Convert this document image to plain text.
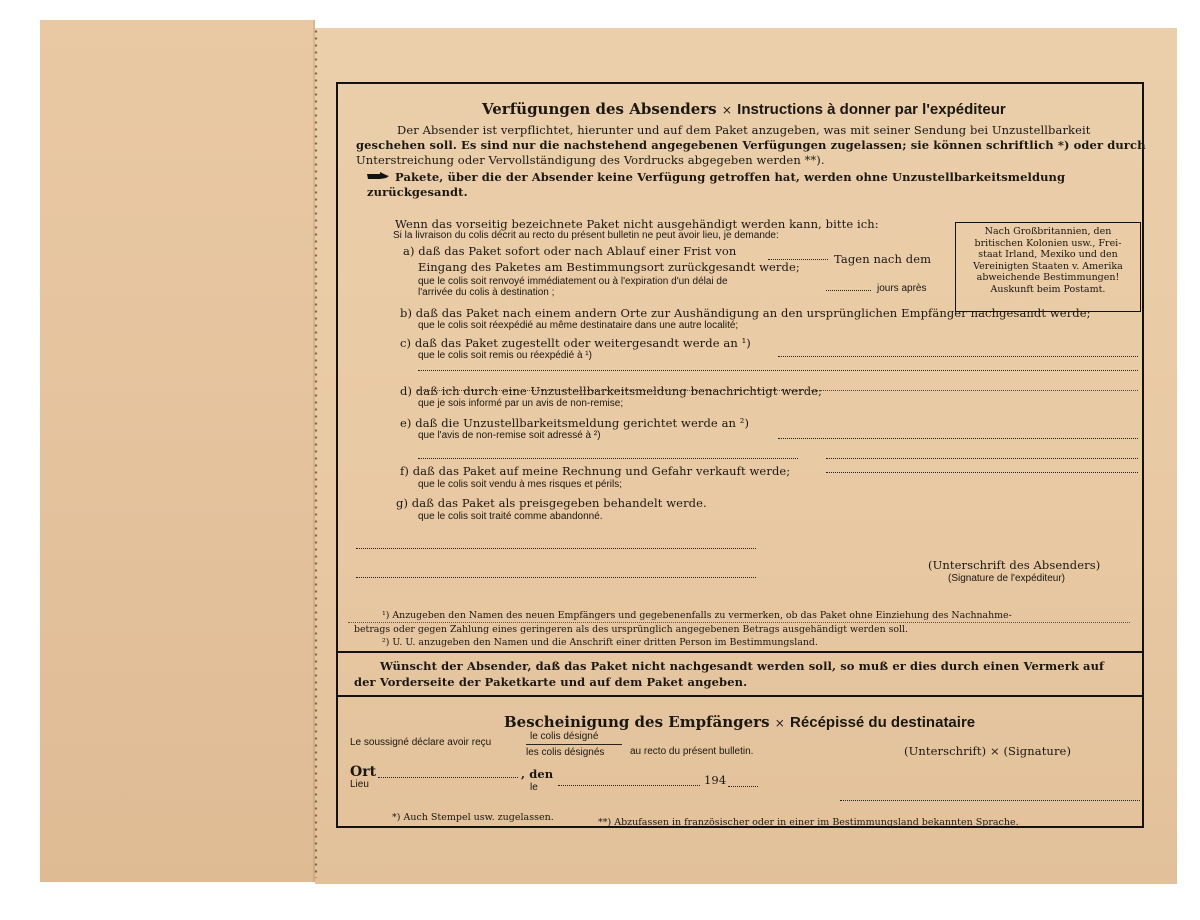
Verfügungen des Absenders × Instructions à donner par l'expéditeur
Der Absender ist verpflichtet, hierunter und auf dem Paket anzugeben, was mit seiner Sendung bei Unzustellbarkeit
geschehen soll. Es sind nur die nachstehend angegebenen Verfügungen zugelassen; sie können schriftlich *) oder durch
Unterstreichung oder Vervollständigung des Vordrucks abgegeben werden **).
Pakete, über die der Absender keine Verfügung getroffen hat, werden ohne Unzustellbarkeitsmeldung
zurückgesandt.
Wenn das vorseitig bezeichnete Paket nicht ausgehändigt werden kann, bitte ich:
Si la livraison du colis décrit au recto du présent bulletin ne peut avoir lieu, je demande:	Nach Großbritannien, den
britischen Kolonien usw., Frei-
staat Irland, Mexiko und den
Vereinigten Staaten v. Amerika
abweichende Bestimmungen!
Auskunft beim Postamt.
a) daß das Paket sofort oder nach Ablauf einer Frist von
Tagen nach dem
Eingang des Paketes am Bestimmungsort zurückgesandt werde;
que le colis soit renvoyé immédiatement ou à l'expiration d'un délai de
jours après
l'arrivée du colis à destination ;
b) daß das Paket nach einem andern Orte zur Aushändigung an den ursprünglichen Empfänger nachgesandt werde;
que le colis soit réexpédié au même destinataire dans une autre localité;
c) daß das Paket zugestellt oder weitergesandt werde an ¹)
que le colis soit remis ou réexpédié à ¹)
d) daß ich durch eine Unzustellbarkeitsmeldung benachrichtigt werde;
que je sois informé par un avis de non-remise;
e) daß die Unzustellbarkeitsmeldung gerichtet werde an ²)
que l'avis de non-remise soit adressé à ²)
f) daß das Paket auf meine Rechnung und Gefahr verkauft werde;
que le colis soit vendu à mes risques et périls;
g) daß das Paket als preisgegeben behandelt werde.
que le colis soit traité comme abandonné.
(Unterschrift des Absenders)
(Signature de l'expéditeur)
¹) Anzugeben den Namen des neuen Empfängers und gegebenenfalls zu vermerken, ob das Paket ohne Einziehung des Nachnahme-
betrags oder gegen Zahlung eines geringeren als des ursprünglich angegebenen Betrags ausgehändigt werden soll.
²) U. U. anzugeben den Namen und die Anschrift einer dritten Person im Bestimmungsland.
Wünscht der Absender, daß das Paket nicht nachgesandt werden soll, so muß er dies durch einen Vermerk auf
der Vorderseite der Paketkarte und auf dem Paket angeben.
Bescheinigung des Empfängers × Récépissé du destinataire
Le soussigné déclare avoir reçu
le colis désigné
les colis désignés	au recto du présent bulletin.	(Unterschrift) × (Signature)
Ort
Lieu
, den
le
194
*) Auch Stempel usw. zugelassen.	**) Abzufassen in französischer oder in einer im Bestimmungsland bekannten Sprache.
